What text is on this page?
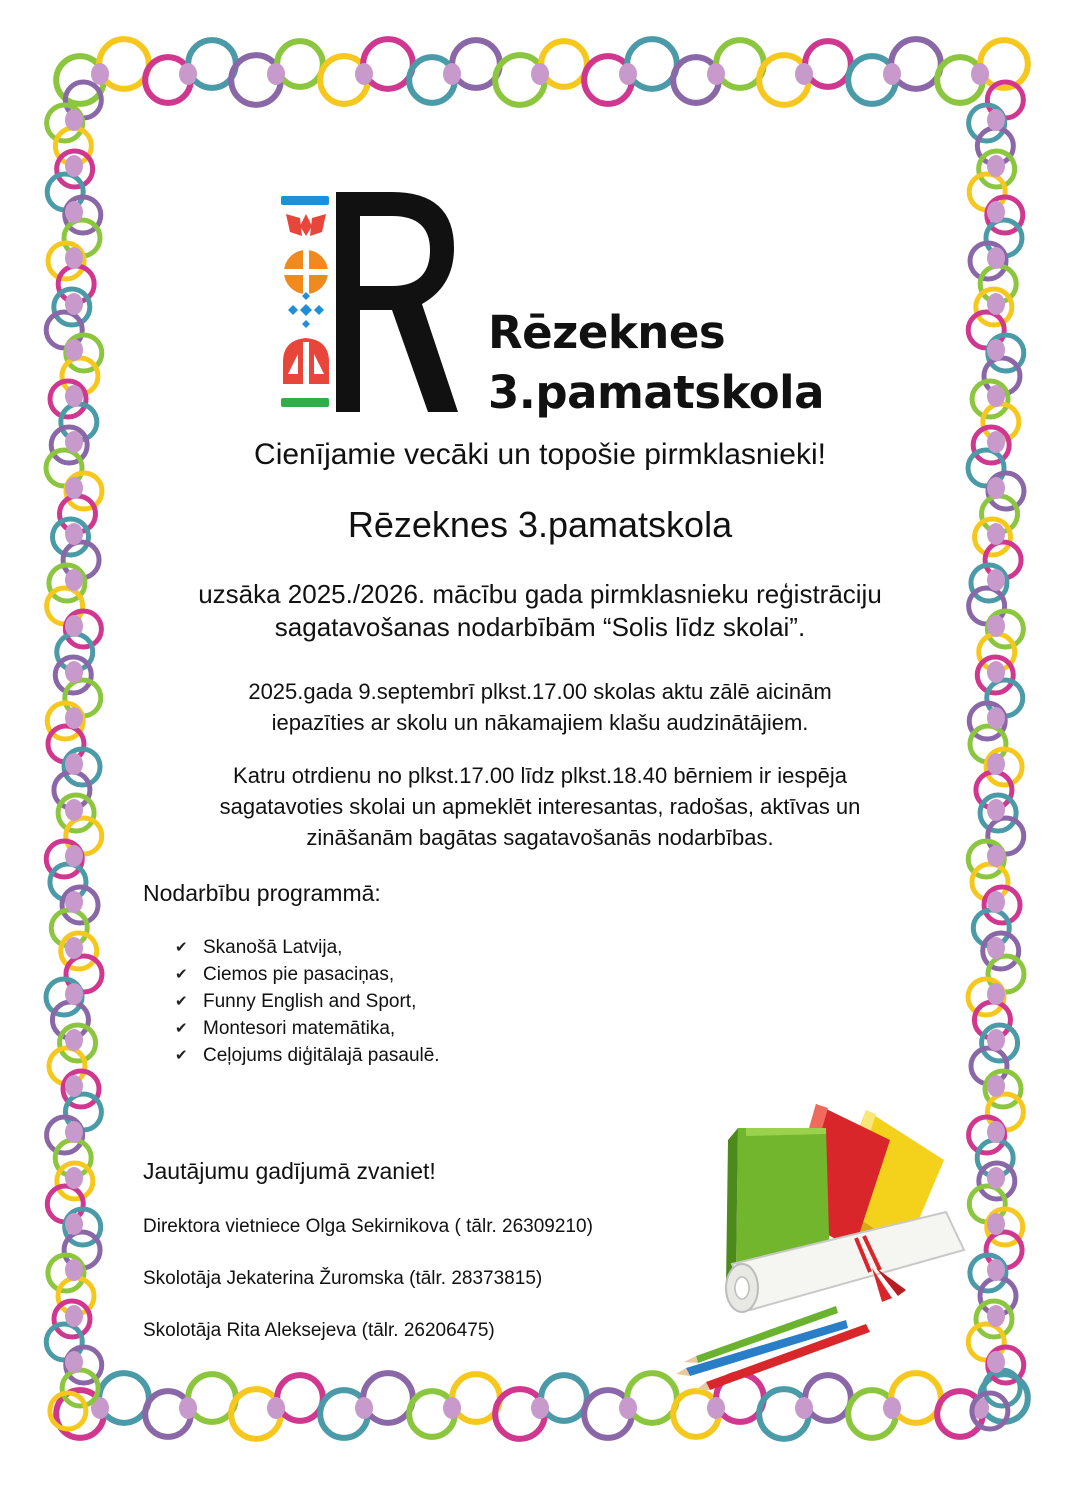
Rēzeknes
3.pamatskola
Cienījamie vecāki un topošie pirmklasnieki!
Rēzeknes 3.pamatskola
uzsāka 2025./2026. mācību gada pirmklasnieku reģistrāciju
sagatavošanas nodarbībām “Solis līdz skolai”.
2025.gada 9.septembrī plkst.17.00 skolas aktu zālē aicinām
iepazīties ar skolu un nākamajiem klašu audzinātājiem.
Katru otrdienu no plkst.17.00 līdz plkst.18.40 bērniem ir iespēja
sagatavoties skolai un apmeklēt interesantas, radošas, aktīvas un
zināšanām bagātas sagatavošanās nodarbības.
Nodarbību programmā:
✔ Skanošā Latvija,
✔ Ciemos pie pasaciņas,
✔ Funny English and Sport,
✔ Montesori matemātika,
✔ Ceļojums diģitālajā pasaulē.
Jautājumu gadījumā zvaniet!
Direktora vietniece Olga Sekirnikova ( tālr. 26309210)
Skolotāja Jekaterina Žuromska (tālr. 28373815)
Skolotāja Rita Aleksejeva (tālr. 26206475)
